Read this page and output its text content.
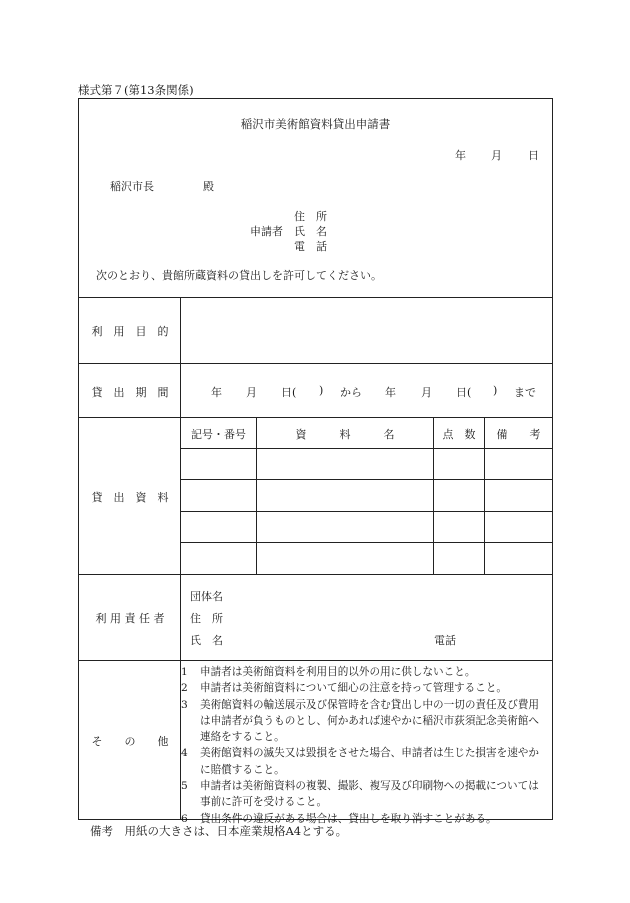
様式第７(第13条関係)
稲沢市美術館資料貸出申請書
年 月 日
稲沢市長	殿
住　所
申請者 氏　名
電　話
次のとおり、貴館所蔵資料の貸出しを許可してください。
利　用　目　的
貸　出　期　間	年 月 日( ) から 年 月 日( ) まで
貸　出　資　料
記号・番号	資　　　料　　　名	点　数	備　　考
利 用 責 任 者
団体名
住　所
氏　名	電話
そ　　の　　他
1 申請者は美術館資料を利用目的以外の用に供しないこと。
2 申請者は美術館資料について細心の注意を持って管理すること。
3 美術館資料の輸送展示及び保管時を含む貸出し中の一切の責任及び費用は申請者が負うものとし、何かあれば速やかに稲沢市荻須記念美術館へ連絡をすること。
4 美術館資料の滅失又は毀損をさせた場合、申請者は生じた損害を速やかに賠償すること。
5 申請者は美術館資料の複製、撮影、複写及び印刷物への掲載については事前に許可を受けること。
6 貸出条件の違反がある場合は、貸出しを取り消すことがある。
備考　用紙の大きさは、日本産業規格A4とする。
